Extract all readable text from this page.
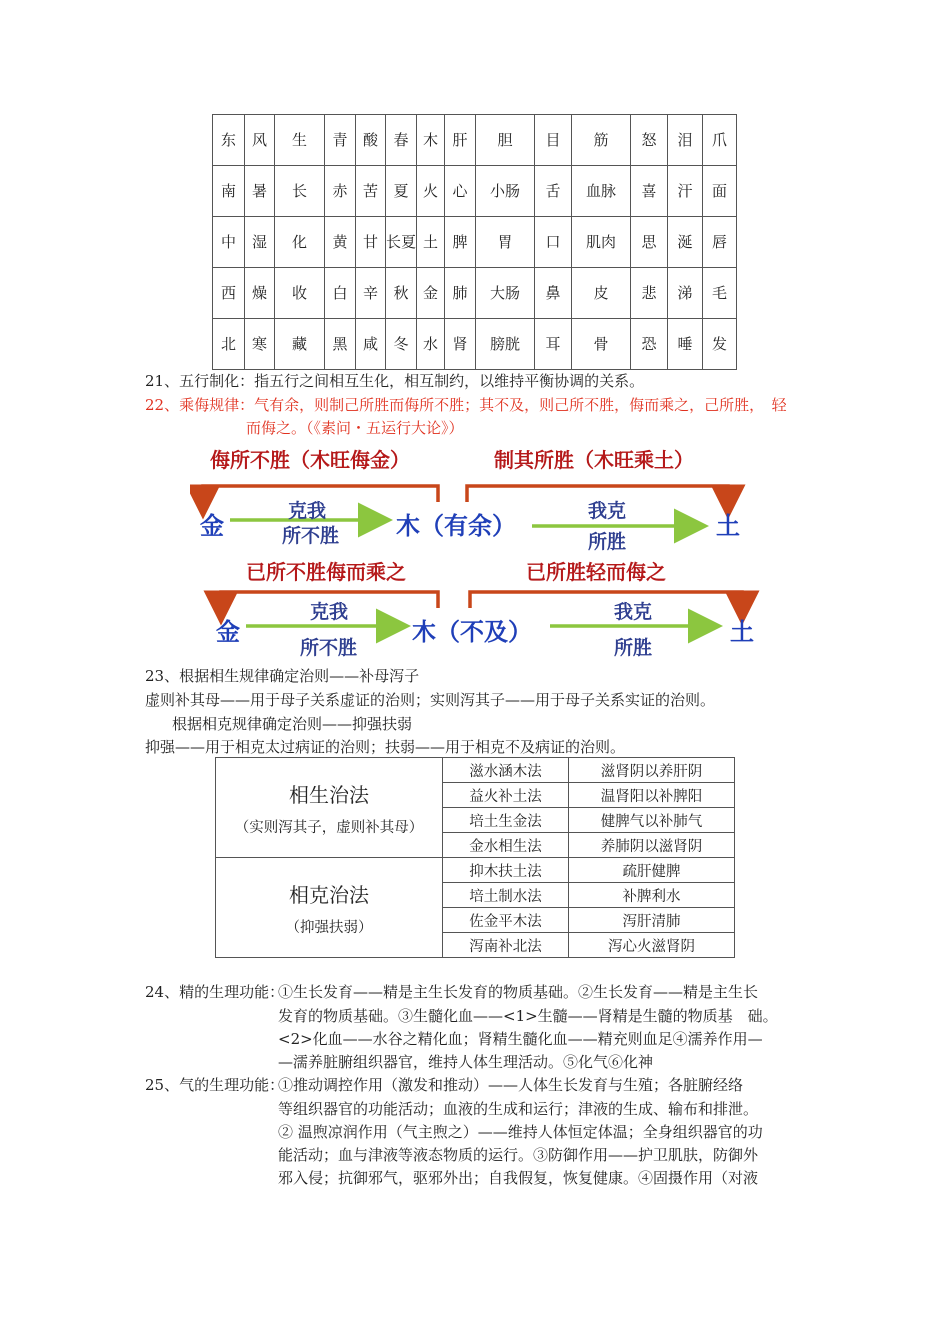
东	风	生	青	酸	春	木	肝	胆	目	筋	怒	泪	爪
南	暑	长	赤	苦	夏	火	心	小肠	舌	血脉	喜	汗	面
中	湿	化	黄	甘	长夏	土	脾	胃	口	肌肉	思	涎	唇
西	燥	收	白	辛	秋	金	肺	大肠	鼻	皮	悲	涕	毛
北	寒	藏	黑	咸	冬	水	肾	膀胱	耳	骨	恐	唾	发
21、五行制化：指五行之间相互生化，相互制约，以维持平衡协调的关系。
22、乘侮规律：气有余，则制己所胜而侮所不胜；其不及，则己所不胜，侮而乘之，己所胜，　轻
而侮之。（《素问・五运行大论》）
侮所不胜（木旺侮金）	制其所胜（木旺乘土）
金	木（有余）	土
克我
所不胜
我克
所胜
已所不胜侮而乘之	已所胜轻而侮之
金	木（不及）	土
克我
所不胜
我克
所胜
23、根据相生规律确定治则——补母泻子
虚则补其母——用于母子关系虚证的治则；实则泻其子——用于母子关系实证的治则。
根据相克规律确定治则——抑强扶弱
抑强——用于相克太过病证的治则；扶弱——用于相克不及病证的治则。
相生治法
（实则泻其子，虚则补其母）	滋水涵木法	滋肾阴以养肝阴
	益火补土法	温肾阳以补脾阳
	培土生金法	健脾气以补肺气
	金水相生法	养肺阴以滋肾阴

相克治法
（抑强扶弱）	抑木扶土法	疏肝健脾
	培土制水法	补脾利水
	佐金平木法	泻肝清肺
	泻南补北法	泻心火滋肾阴
24、精的生理功能：
①生长发育——精是主生长发育的物质基础。②生长发育——精是主生长
发育的物质基础。③生髓化血——<1>生髓——肾精是生髓的物质基　础。
<2>化血——水谷之精化血；肾精生髓化血——精充则血足④濡养作用—
—濡养脏腑组织器官，维持人体生理活动。⑤化气⑥化神
25、气的生理功能：
①推动调控作用（激发和推动）——人体生长发育与生殖；各脏腑经络
等组织器官的功能活动；血液的生成和运行；津液的生成、输布和排泄。
② 温煦凉润作用（气主煦之）——维持人体恒定体温；全身组织器官的功
能活动；血与津液等液态物质的运行。③防御作用——护卫肌肤，防御外
邪入侵；抗御邪气，驱邪外出；自我假复，恢复健康。④固摄作用（对液
